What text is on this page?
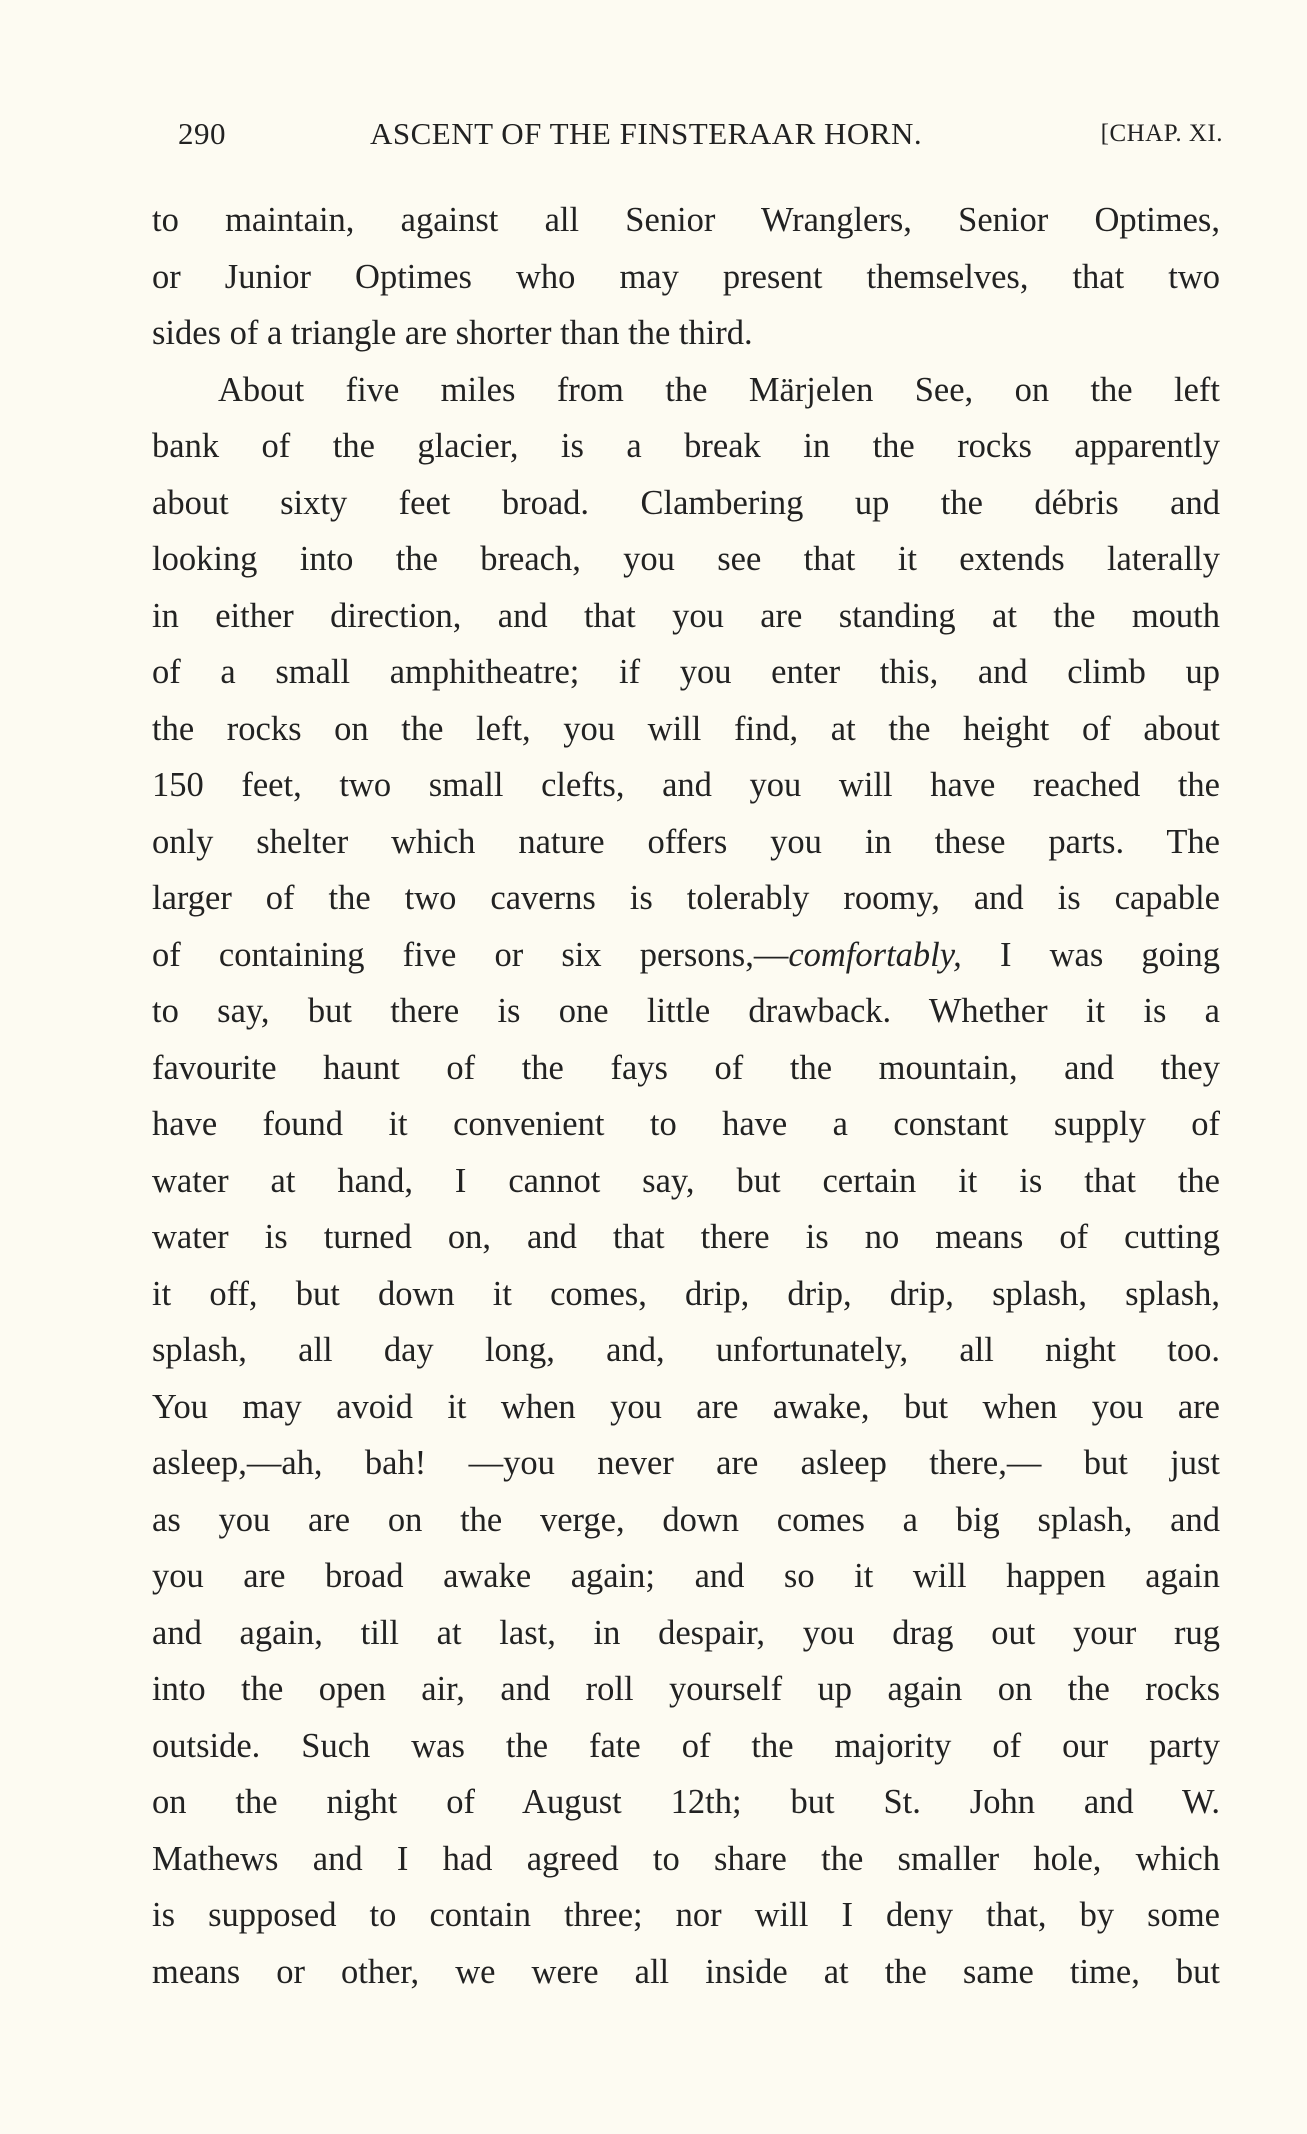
290	ASCENT OF THE FINSTERAAR HORN.	[CHAP. XI.
to maintain, against all Senior Wranglers, Senior Optimes,
or Junior Optimes who may present themselves, that two
sides of a triangle are shorter than the third.
About five miles from the Märjelen See, on the left
bank of the glacier, is a break in the rocks apparently
about sixty feet broad. Clambering up the débris and
looking into the breach, you see that it extends laterally
in either direction, and that you are standing at the mouth
of a small amphitheatre; if you enter this, and climb up
the rocks on the left, you will find, at the height of about
150 feet, two small clefts, and you will have reached the
only shelter which nature offers you in these parts. The
larger of the two caverns is tolerably roomy, and is capable
of containing five or six persons,—comfortably, I was going
to say, but there is one little drawback. Whether it is a
favourite haunt of the fays of the mountain, and they
have found it convenient to have a constant supply of
water at hand, I cannot say, but certain it is that the
water is turned on, and that there is no means of cutting
it off, but down it comes, drip, drip, drip, splash, splash,
splash, all day long, and, unfortunately, all night too.
You may avoid it when you are awake, but when you are
asleep,—ah, bah! —you never are asleep there,— but just
as you are on the verge, down comes a big splash, and
you are broad awake again; and so it will happen again
and again, till at last, in despair, you drag out your rug
into the open air, and roll yourself up again on the rocks
outside. Such was the fate of the majority of our party
on the night of August 12th; but St. John and W.
Mathews and I had agreed to share the smaller hole, which
is supposed to contain three; nor will I deny that, by some
means or other, we were all inside at the same time, but
